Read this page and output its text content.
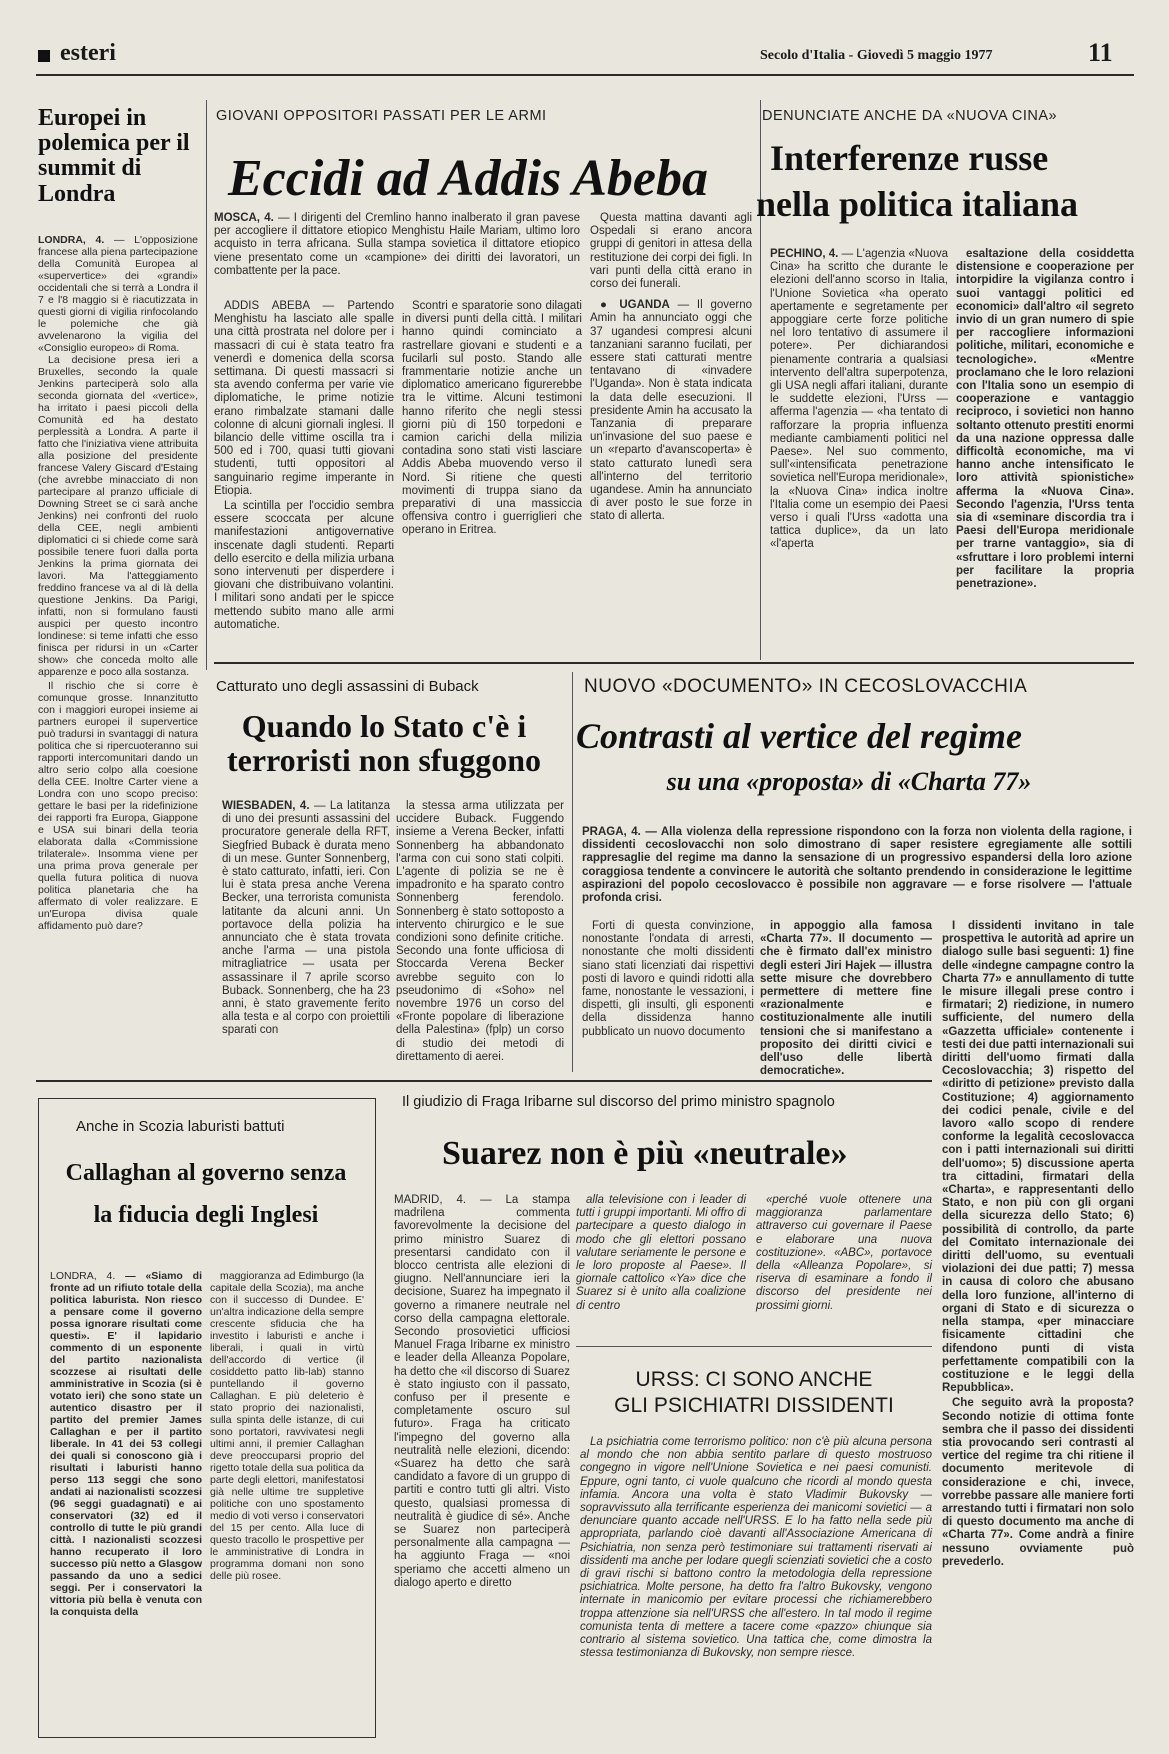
esteri	Secolo d'Italia - Giovedì 5 maggio 1977	11
Europei in polemica per il summit di Londra
LONDRA, 4. — L'opposizione francese alla piena partecipazione della Comunità Europea al «supervertice» dei «grandi» occidentali che si terrà a Londra il 7 e l'8 maggio si è riacutizzata in questi giorni di vigilia rinfocolando le polemiche che già avvelenarono la vigilia del «Consiglio europeo» di Roma.

La decisione presa ieri a Bruxelles, secondo la quale Jenkins parteciperà solo alla seconda giornata del «vertice», ha irritato i paesi piccoli della Comunità ed ha destato perplessità a Londra. A parte il fatto che l'iniziativa viene attribuita alla posizione del presidente francese Valery Giscard d'Estaing (che avrebbe minacciato di non partecipare al pranzo ufficiale di Downing Street se ci sarà anche Jenkins) nei confronti del ruolo della CEE, negli ambienti diplomatici ci si chiede come sarà possibile tenere fuori dalla porta Jenkins la prima giornata dei lavori. Ma l'atteggiamento freddino francese va al di là della questione Jenkins. Da Parigi, infatti, non si formulano fausti auspici per questo incontro londinese: si teme infatti che esso finisca per ridursi in un «Carter show» che conceda molto alle apparenze e poco alla sostanza.

Il rischio che si corre è comunque grosse. Innanzitutto con i maggiori europei insieme ai partners europei il supervertice può tradursi in svantaggi di natura politica che si ripercuoteranno sui rapporti intercomunitari dando un altro serio colpo alla coesione della CEE. Inoltre Carter viene a Londra con uno scopo preciso: gettare le basi per la ridefinizione dei rapporti fra Europa, Giappone e USA sui binari della teoria elaborata dalla «Commissione trilaterale». Insomma viene per una prima prova generale per quella futura politica di nuova politica planetaria che ha affermato di voler realizzare. E un'Europa divisa quale affidamento può dare?

GIOVANI OPPOSITORI PASSATI PER LE ARMI
Eccidi ad Addis Abeba
MOSCA, 4. — I dirigenti del Cremlino hanno inalberato il gran pavese per accogliere il dittatore etiopico Menghistu Haile Mariam, ultimo loro acquisto in terra africana. Sulla stampa sovietica il dittatore etiopico viene presentato come un «campione» dei diritti dei lavoratori, un combattente per la pace.

ADDIS ABEBA — Partendo Menghistu ha lasciato alle spalle una città prostrata nel dolore per i massacri di cui è stata teatro fra venerdì e domenica della scorsa settimana. Di questi massacri si sta avendo conferma per varie vie diplomatiche, le prime notizie erano rimbalzate stamani dalle colonne di alcuni giornali inglesi. Il bilancio delle vittime oscilla tra i 500 ed i 700, quasi tutti giovani studenti, tutti oppositori al sanguinario regime imperante in Etiopia.

La scintilla per l'occidio sembra essere scoccata per alcune manifestazioni antigovernative inscenate dagli studenti. Reparti dello esercito e della milizia urbana sono intervenuti per disperdere i giovani che distribuivano volantini. I militari sono andati per le spicce mettendo subito mano alle armi automatiche.

Scontri e sparatorie sono dilagati in diversi punti della città. I militari hanno quindi cominciato a rastrellare giovani e studenti e a fucilarli sul posto. Stando alle frammentarie notizie anche un diplomatico americano figurerebbe tra le vittime. Alcuni testimoni hanno riferito che negli stessi giorni più di 150 torpedoni e camion carichi della milizia contadina sono stati visti lasciare Addis Abeba muovendo verso il Nord. Si ritiene che questi movimenti di truppa siano da preparativi di una massiccia offensiva contro i guerriglieri che operano in Eritrea.

Questa mattina davanti agli Ospedali si erano ancora gruppi di genitori in attesa della restituzione dei corpi dei figli. In vari punti della città erano in corso dei funerali.

● UGANDA — Il governo Amin ha annunciato oggi che 37 ugandesi compresi alcuni tanzaniani saranno fucilati, per essere stati catturati mentre tentavano di «invadere l'Uganda». Non è stata indicata la data delle esecuzioni. Il presidente Amin ha accusato la Tanzania di preparare un'invasione del suo paese e un «reparto d'avanscoperta» è stato catturato lunedì sera all'interno del territorio ugandese. Amin ha annunciato di aver posto le sue forze in stato di allerta.

DENUNCIATE ANCHE DA «NUOVA CINA»
Interferenze russe
nella politica italiana
PECHINO, 4. — L'agenzia «Nuova Cina» ha scritto che durante le elezioni dell'anno scorso in Italia, l'Unione Sovietica «ha operato apertamente e segretamente per appoggiare certe forze politiche nel loro tentativo di assumere il potere». Per dichiarandosi pienamente contraria a qualsiasi intervento dell'altra superpotenza, gli USA negli affari italiani, durante le suddette elezioni, l'Urss — afferma l'agenzia — «ha tentato di rafforzare la propria influenza mediante cambiamenti politici nel Paese». Nel suo commento, sull'«intensificata penetrazione sovietica nell'Europa meridionale», la «Nuova Cina» indica inoltre l'Italia come un esempio dei Paesi verso i quali l'Urss «adotta una tattica duplice», da un lato «l'aperta

esaltazione della cosiddetta distensione e cooperazione per intorpidire la vigilanza contro i suoi vantaggi politici ed economici» dall'altro «il segreto invio di un gran numero di spie per raccogliere informazioni politiche, militari, economiche e tecnologiche». «Mentre proclamano che le loro relazioni con l'Italia sono un esempio di cooperazione e vantaggio reciproco, i sovietici non hanno soltanto ottenuto prestiti enormi da una nazione oppressa dalle difficoltà economiche, ma vi hanno anche intensificato le loro attività spionistiche» afferma la «Nuova Cina». Secondo l'agenzia, l'Urss tenta sia di «seminare discordia tra i Paesi dell'Europa meridionale per trarne vantaggio», sia di «sfruttare i loro problemi interni per facilitare la propria penetrazione».

Catturato uno degli assassini di Buback
Quando lo Stato c'è i terroristi non sfuggono
WIESBADEN, 4. — La latitanza di uno dei presunti assassini del procuratore generale della RFT, Siegfried Buback è durata meno di un mese. Gunter Sonnenberg, è stato catturato, infatti, ieri. Con lui è stata presa anche Verena Becker, una terrorista comunista latitante da alcuni anni. Un portavoce della polizia ha annunciato che è stata trovata anche l'arma — una pistola mitragliatrice — usata per assassinare il 7 aprile scorso Buback. Sonnenberg, che ha 23 anni, è stato gravemente ferito alla testa e al corpo con proiettili sparati con

la stessa arma utilizzata per uccidere Buback. Fuggendo insieme a Verena Becker, infatti Sonnenberg ha abbandonato l'arma con cui sono stati colpiti. L'agente di polizia se ne è impadronito e ha sparato contro Sonnenberg ferendolo. Sonnenberg è stato sottoposto a intervento chirurgico e le sue condizioni sono definite critiche. Secondo una fonte ufficiosa di Stoccarda Verena Becker avrebbe seguito con lo pseudonimo di «Soho» nel novembre 1976 un corso del «Fronte popolare di liberazione della Palestina» (fplp) un corso di studio dei metodi di direttamento di aerei.

NUOVO «DOCUMENTO» IN CECOSLOVACCHIA
Contrasti al vertice del regime
su una «proposta» di «Charta 77»
PRAGA, 4. — Alla violenza della repressione rispondono con la forza non violenta della ragione, i dissidenti cecoslovacchi non solo dimostrano di saper resistere egregiamente alle sottili rappresaglie del regime ma danno la sensazione di un progressivo espandersi della loro azione coraggiosa tendente a convincere le autorità che soltanto prendendo in considerazione le legittime aspirazioni del popolo cecoslovacco è possibile non aggravare — e forse risolvere — l'attuale profonda crisi.

Forti di questa convinzione, nonostante l'ondata di arresti, nonostante che molti dissidenti siano stati licenziati dai rispettivi posti di lavoro e quindi ridotti alla fame, nonostante le vessazioni, i dispetti, gli insulti, gli esponenti della dissidenza hanno pubblicato un nuovo documento

in appoggio alla famosa «Charta 77». Il documento — che è firmato dall'ex ministro degli esteri Jiri Hajek — illustra sette misure che dovrebbero permettere di mettere fine «razionalmente e costituzionalmente alle inutili tensioni che si manifestano a proposito dei diritti civici e dell'uso delle libertà democratiche».

I dissidenti invitano in tale prospettiva le autorità ad aprire un dialogo sulle basi seguenti: 1) fine delle «indegne campagne contro la Charta 77» e annullamento di tutte le misure illegali prese contro i firmatari; 2) riedizione, in numero sufficiente, del numero della «Gazzetta ufficiale» contenente i testi dei due patti internazionali sui diritti dell'uomo firmati dalla Cecoslovacchia; 3) rispetto del «diritto di petizione» previsto dalla Costituzione; 4) aggiornamento dei codici penale, civile e del lavoro «allo scopo di rendere conforme la legalità cecoslovacca con i patti internazionali sui diritti dell'uomo»; 5) discussione aperta tra cittadini, firmatari della «Charta», e rappresentanti dello Stato, e non più con gli organi della sicurezza dello Stato; 6) possibilità di controllo, da parte del Comitato internazionale dei diritti dell'uomo, su eventuali violazioni dei due patti; 7) messa in causa di coloro che abusano della loro funzione, all'interno di organi di Stato e di sicurezza o nella stampa, «per minacciare fisicamente cittadini che difendono punti di vista perfettamente compatibili con la costituzione e le leggi della Repubblica».

Che seguito avrà la proposta? Secondo notizie di ottima fonte sembra che il passo dei dissidenti stia provocando seri contrasti al vertice del regime tra chi ritiene il documento meritevole di considerazione e chi, invece, vorrebbe passare alle maniere forti arrestando tutti i firmatari non solo di questo documento ma anche di «Charta 77». Come andrà a finire nessuno ovviamente può prevederlo.

Anche in Scozia laburisti battuti
Callaghan al governo senza la fiducia degli Inglesi
LONDRA, 4. — «Siamo di fronte ad un rifiuto totale della politica laburista. Non riesco a pensare come il governo possa ignorare risultati come questi». E' il lapidario commento di un esponente del partito nazionalista scozzese ai risultati delle amministrative in Scozia (si è votato ieri) che sono state un autentico disastro per il partito del premier James Callaghan e per il partito liberale. In 41 dei 53 collegi dei quali si conoscono già i risultati i laburisti hanno perso 113 seggi che sono andati ai nazionalisti scozzesi (96 seggi guadagnati) e ai conservatori (32) ed il controllo di tutte le più grandi città. I nazionalisti scozzesi hanno recuperato il loro successo più netto a Glasgow passando da uno a sedici seggi. Per i conservatori la vittoria più bella è venuta con la conquista della

maggioranza ad Edimburgo (la capitale della Scozia), ma anche con il successo di Dundee. E' un'altra indicazione della sempre crescente sfiducia che ha investito i laburisti e anche i liberali, i quali in virtù dell'accordo di vertice (il cosiddetto patto lib-lab) stanno puntellando il governo Callaghan. E più deleterio è stato proprio dei nazionalisti, sulla spinta delle istanze, di cui sono portatori, ravvivatesi negli ultimi anni, il premier Callaghan deve preoccuparsi proprio del rigetto totale della sua politica da parte degli elettori, manifestatosi già nelle ultime tre suppletive politiche con uno spostamento medio di voti verso i conservatori del 15 per cento. Alla luce di questo tracollo le prospettive per le amministrative di Londra in programma domani non sono delle più rosee.

Il giudizio di Fraga Iribarne sul discorso del primo ministro spagnolo
Suarez non è più «neutrale»
MADRID, 4. — La stampa madrilena commenta favorevolmente la decisione del primo ministro Suarez di presentarsi candidato con il blocco centrista alle elezioni di giugno. Nell'annunciare ieri la decisione, Suarez ha impegnato il governo a rimanere neutrale nel corso della campagna elettorale. Secondo prosovietici ufficiosi Manuel Fraga Iribarne ex ministro e leader della Alleanza Popolare, ha detto che «il discorso di Suarez è stato ingiusto con il passato, confuso per il presente e completamente oscuro sul futuro». Fraga ha criticato l'impegno del governo alla neutralità nelle elezioni, dicendo: «Suarez ha detto che sarà candidato a favore di un gruppo di partiti e contro tutti gli altri. Visto questo, qualsiasi promessa di neutralità è giudice di sé». Anche se Suarez non parteciperà personalmente alla campagna — ha aggiunto Fraga — «noi speriamo che accetti almeno un dialogo aperto e diretto

alla televisione con i leader di tutti i gruppi importanti. Mi offro di partecipare a questo dialogo in modo che gli elettori possano valutare seriamente le persone e le loro proposte al Paese». Il giornale cattolico «Ya» dice che Suarez si è unito alla coalizione di centro

«perché vuole ottenere una maggioranza parlamentare attraverso cui governare il Paese e elaborare una nuova costituzione». «ABC», portavoce della «Alleanza Popolare», si riserva di esaminare a fondo il discorso del presidente nei prossimi giorni.

URSS: CI SONO ANCHE
GLI PSICHIATRI DISSIDENTI
La psichiatria come terrorismo politico: non c'è più alcuna persona al mondo che non abbia sentito parlare di questo mostruoso congegno in vigore nell'Unione Sovietica e nei paesi comunisti. Eppure, ogni tanto, ci vuole qualcuno che ricordi al mondo questa infamia. Ancora una volta è stato Vladimir Bukovsky — sopravvissuto alla terrificante esperienza dei manicomi sovietici — a denunciare quanto accade nell'URSS. E lo ha fatto nella sede più appropriata, parlando cioè davanti all'Associazione Americana di Psichiatria, non senza però testimoniare sui trattamenti riservati ai dissidenti ma anche per lodare quegli scienziati sovietici che a costo di gravi rischi si battono contro la metodologia della repressione psichiatrica. Molte persone, ha detto fra l'altro Bukovsky, vengono internate in manicomio per evitare processi che richiamerebbero troppa attenzione sia nell'URSS che all'estero. In tal modo il regime comunista tenta di mettere a tacere come «pazzo» chiunque sia contrario al sistema sovietico. Una tattica che, come dimostra la stessa testimonianza di Bukovsky, non sempre riesce.
